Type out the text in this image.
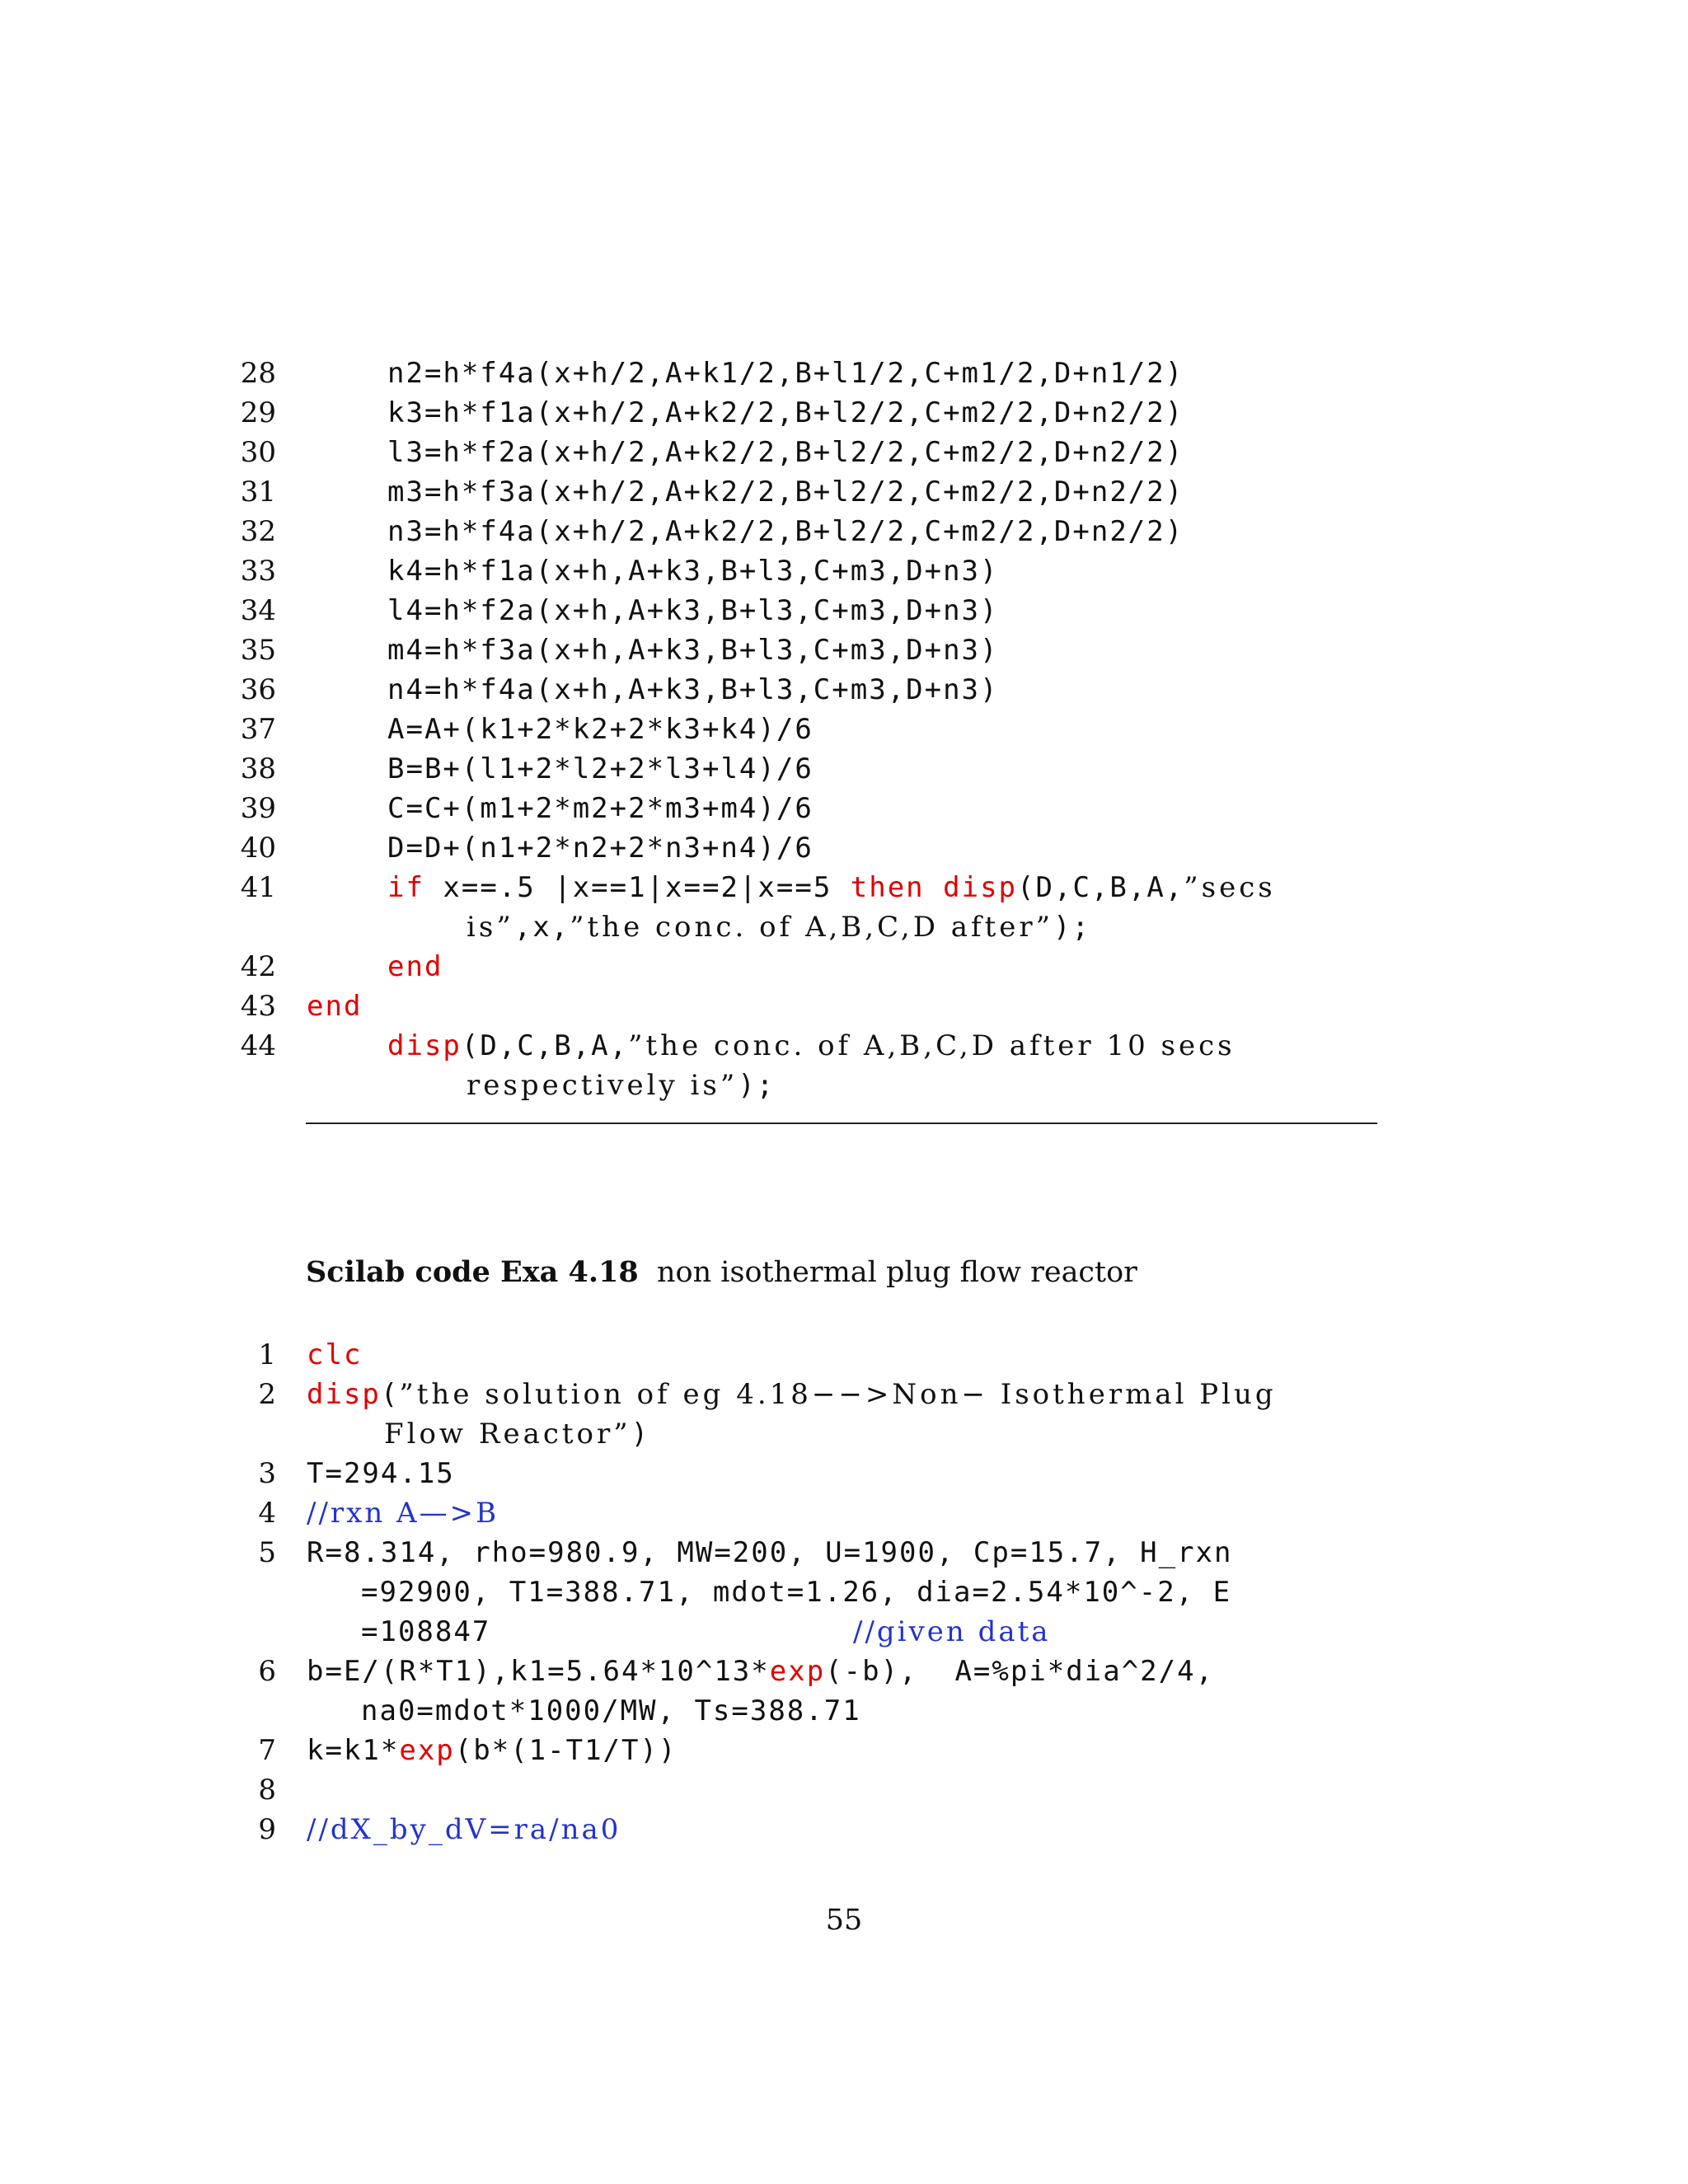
28	n2=h*f4a(x+h/2,A+k1/2,B+l1/2,C+m1/2,D+n1/2)
29	k3=h*f1a(x+h/2,A+k2/2,B+l2/2,C+m2/2,D+n2/2)
30	l3=h*f2a(x+h/2,A+k2/2,B+l2/2,C+m2/2,D+n2/2)
31	m3=h*f3a(x+h/2,A+k2/2,B+l2/2,C+m2/2,D+n2/2)
32	n3=h*f4a(x+h/2,A+k2/2,B+l2/2,C+m2/2,D+n2/2)
33	k4=h*f1a(x+h,A+k3,B+l3,C+m3,D+n3)
34	l4=h*f2a(x+h,A+k3,B+l3,C+m3,D+n3)
35	m4=h*f3a(x+h,A+k3,B+l3,C+m3,D+n3)
36	n4=h*f4a(x+h,A+k3,B+l3,C+m3,D+n3)
37	A=A+(k1+2*k2+2*k3+k4)/6
38	B=B+(l1+2*l2+2*l3+l4)/6
39	C=C+(m1+2*m2+2*m3+m4)/6
40	D=D+(n1+2*n2+2*n3+n4)/6
41	if x==.5 |x==1|x==2|x==5 then disp(D,C,B,A,”secs
is”,x,”the conc. of A,B,C,D after”);
42	end
43 end
44	disp(D,C,B,A,”the conc. of A,B,C,D after 10 secs
respectively is”);
Scilab code Exa 4.18 non isothermal plug flow reactor
1 clc
2 disp(”the solution of eg 4.18−−>Non− Isothermal Plug
Flow Reactor”)
3 T=294.15
4 //rxn A—>B
5 R=8.314, rho=980.9, MW=200, U=1900, Cp=15.7, H_rxn
=92900, T1=388.71, mdot=1.26, dia=2.54*10^-2, E
=108847	//given data
6 b=E/(R*T1),k1=5.64*10^13*exp(-b),  A=%pi*dia^2/4,
na0=mdot*1000/MW, Ts=388.71
7 k=k1*exp(b*(1-T1/T))
8
9 //dX_by_dV=ra/na0
55
